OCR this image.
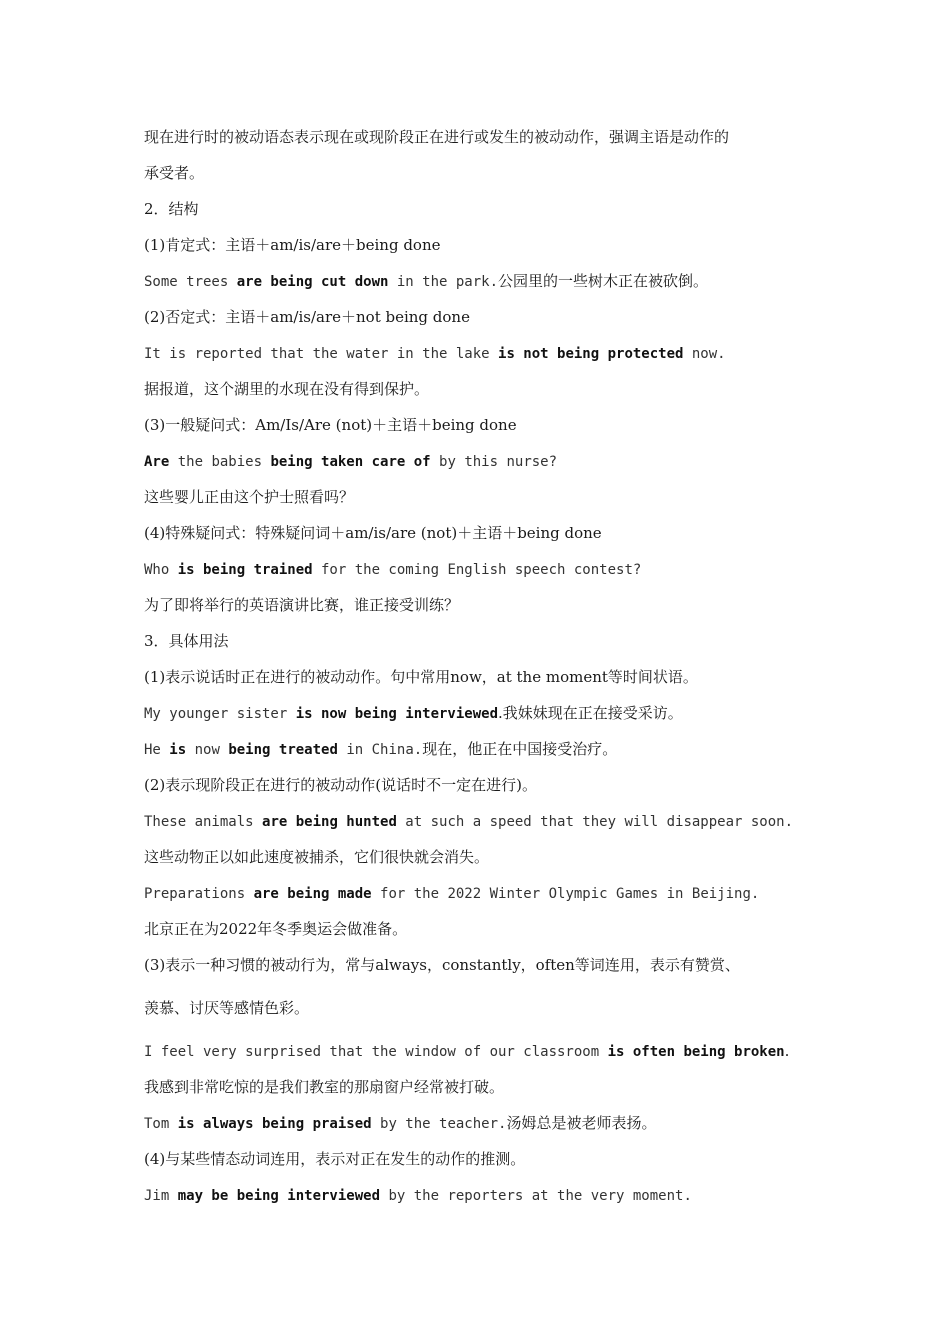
现在进行时的被动语态表示现在或现阶段正在进行或发生的被动动作，强调主语是动作的
承受者。
2．结构
(1)肯定式：主语＋am/is/are＋being done
Some trees are being cut down in the park.公园里的一些树木正在被砍倒。
(2)否定式：主语＋am/is/are＋not being done
It is reported that the water in the lake is not being protected now.
据报道，这个湖里的水现在没有得到保护。
(3)一般疑问式：Am/Is/Are (not)＋主语＋being done
Are the babies being taken care of by this nurse?
这些婴儿正由这个护士照看吗？
(4)特殊疑问式：特殊疑问词＋am/is/are (not)＋主语＋being done
Who is being trained for the coming English speech contest?
为了即将举行的英语演讲比赛，谁正接受训练？
3．具体用法
(1)表示说话时正在进行的被动动作。句中常用now，at the moment等时间状语。
My younger sister is now being interviewed.我妹妹现在正在接受采访。
He is now being treated in China.现在，他正在中国接受治疗。
(2)表示现阶段正在进行的被动动作(说话时不一定在进行)。
These animals are being hunted at such a speed that they will disappear soon.
这些动物正以如此速度被捕杀，它们很快就会消失。
Preparations are being made for the 2022 Winter Olympic Games in Beijing.
北京正在为2022年冬季奥运会做准备。
(3)表示一种习惯的被动行为，常与always，constantly，often等词连用，表示有赞赏、
羡慕、讨厌等感情色彩。
I feel very surprised that the window of our classroom is often being broken.
我感到非常吃惊的是我们教室的那扇窗户经常被打破。
Tom is always being praised by the teacher.汤姆总是被老师表扬。
(4)与某些情态动词连用，表示对正在发生的动作的推测。
Jim may be being interviewed by the reporters at the very moment.
